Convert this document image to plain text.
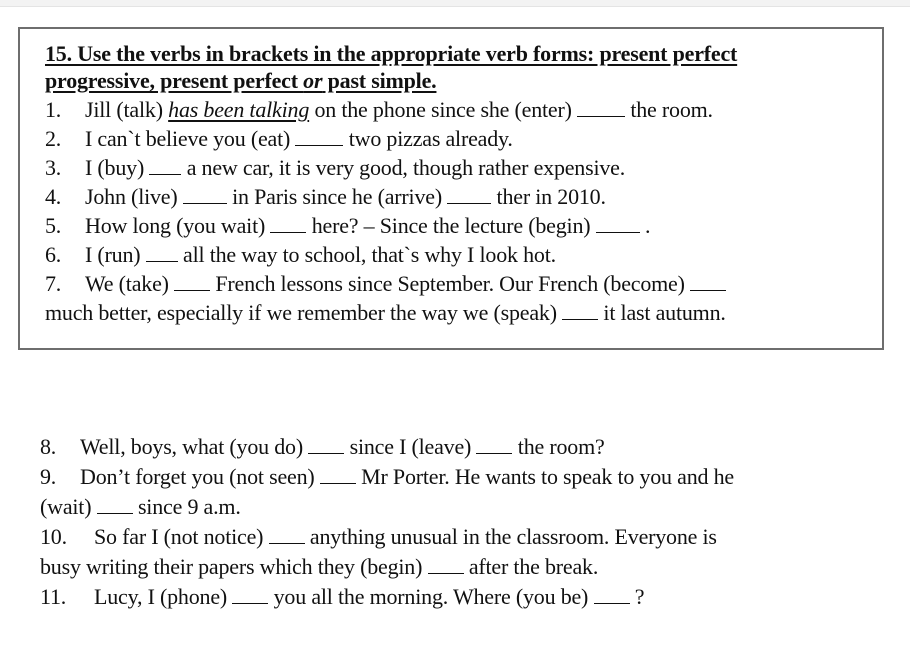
15. Use the verbs in brackets in the appropriate verb forms: present perfect
progressive, present perfect or past simple.
1. Jill (talk) has been talking on the phone since she (enter)  the room.
2. I can`t believe you (eat)  two pizzas already.
3. I (buy)  a new car, it is very good, though rather expensive.
4. John (live)  in Paris since he (arrive)  ther in 2010.
5. How long (you wait)  here? – Since the lecture (begin)  .
6. I (run)  all the way to school, that`s why I look hot.
7. We (take)  French lessons since September. Our French (become)
much better, especially if we remember the way we (speak)  it last autumn.
8. Well, boys, what (you do)  since I (leave)  the room?
9. Don’t forget you (not seen)  Mr Porter. He wants to speak to you and he
(wait)  since 9 a.m.
10. So far I (not notice)  anything unusual in the classroom. Everyone is
busy writing their papers which they (begin)  after the break.
11. Lucy, I (phone)  you all the morning. Where (you be)  ?
